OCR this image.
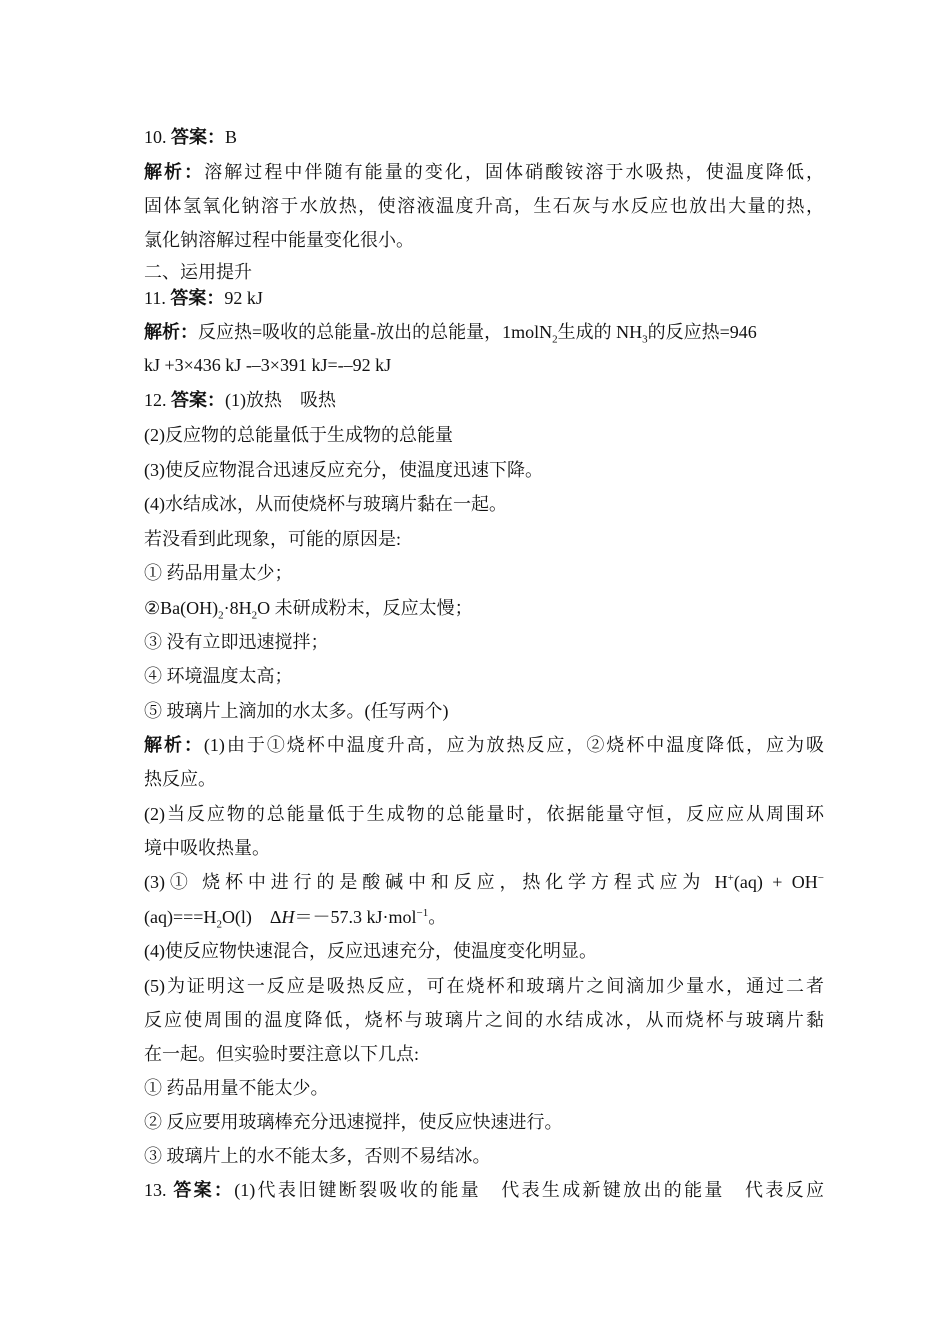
10. 答案：B
解析：溶解过程中伴随有能量的变化，固体硝酸铵溶于水吸热，使温度降低，
固体氢氧化钠溶于水放热，使溶液温度升高，生石灰与水反应也放出大量的热，
氯化钠溶解过程中能量变化很小。
二、运用提升
11. 答案：92 kJ
解析：反应热=吸收的总能量-放出的总能量，1molN$_2$生成的 $NH_3$的反应热=946
kJ +3×436 kJ -–3×391 kJ=-–92 kJ
12. 答案：(1)放热　吸热
(2)反应物的总能量低于生成物的总能量
(3)使反应物混合迅速反应充分，使温度迅速下降。
(4)水结成冰，从而使烧杯与玻璃片黏在一起。
若没看到此现象，可能的原因是:
① 药品用量太少；
$②Ba(OH)_2\cdot 8H_2O$ 未研成粉末，反应太慢；
③ 没有立即迅速搅拌；
④ 环境温度太高；
⑤ 玻璃片上滴加的水太多。(任写两个)
解析：(1)由于①烧杯中温度升高，应为放热反应，②烧杯中温度降低，应为吸
热反应。
(2)当反应物的总能量低于生成物的总能量时，依据能量守恒，反应应从周围环
境中吸收热量。
(3)① 烧杯中进行的是酸碱中和反应，热化学方程式应为 H+(aq) + OH−
$(aq)===H_2O(l)$　ΔH＝－57.3 kJ·mol$^{-1}$。
(4)使反应物快速混合，反应迅速充分，使温度变化明显。
(5)为证明这一反应是吸热反应，可在烧杯和玻璃片之间滴加少量水，通过二者
反应使周围的温度降低，烧杯与玻璃片之间的水结成冰，从而烧杯与玻璃片黏
在一起。但实验时要注意以下几点:
① 药品用量不能太少。
② 反应要用玻璃棒充分迅速搅拌，使反应快速进行。
③ 玻璃片上的水不能太多，否则不易结冰。
13. 答案：(1)代表旧键断裂吸收的能量　代表生成新键放出的能量　代表反应
